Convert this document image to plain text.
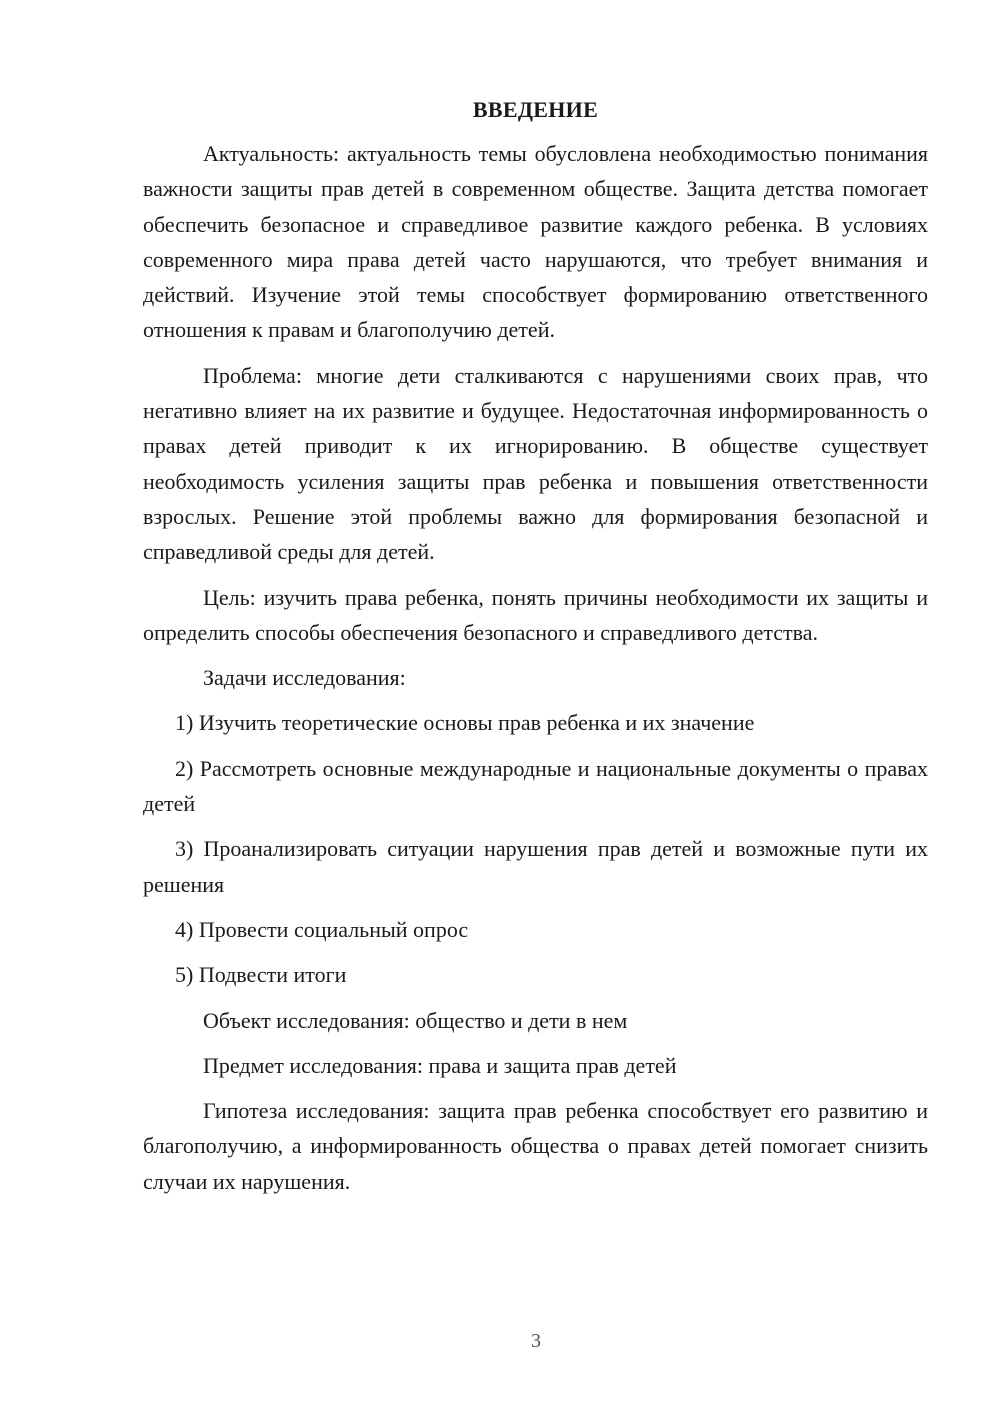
ВВЕДЕНИЕ

Актуальность: актуальность темы обусловлена необходимостью понимания важности защиты прав детей в современном обществе. Защита детства помогает обеспечить безопасное и справедливое развитие каждого ребенка. В условиях современного мира права детей часто нарушаются, что требует внимания и действий. Изучение этой темы способствует формированию ответственного отношения к правам и благополучию детей.

Проблема: многие дети сталкиваются с нарушениями своих прав, что негативно влияет на их развитие и будущее. Недостаточная информированность о правах детей приводит к их игнорированию. В обществе существует необходимость усиления защиты прав ребенка и повышения ответственности взрослых. Решение этой проблемы важно для формирования безопасной и справедливой среды для детей.

Цель: изучить права ребенка, понять причины необходимости их защиты и определить способы обеспечения безопасного и справедливого детства.

Задачи исследования:

1) Изучить теоретические основы прав ребенка и их значение

2) Рассмотреть основные международные и национальные документы о правах детей

3) Проанализировать ситуации нарушения прав детей и возможные пути их решения

4) Провести социальный опрос

5) Подвести итоги

Объект исследования: общество и дети в нем

Предмет исследования: права и защита прав детей

Гипотеза исследования: защита прав ребенка способствует его развитию и благополучию, а информированность общества о правах детей помогает снизить случаи их нарушения.

3
